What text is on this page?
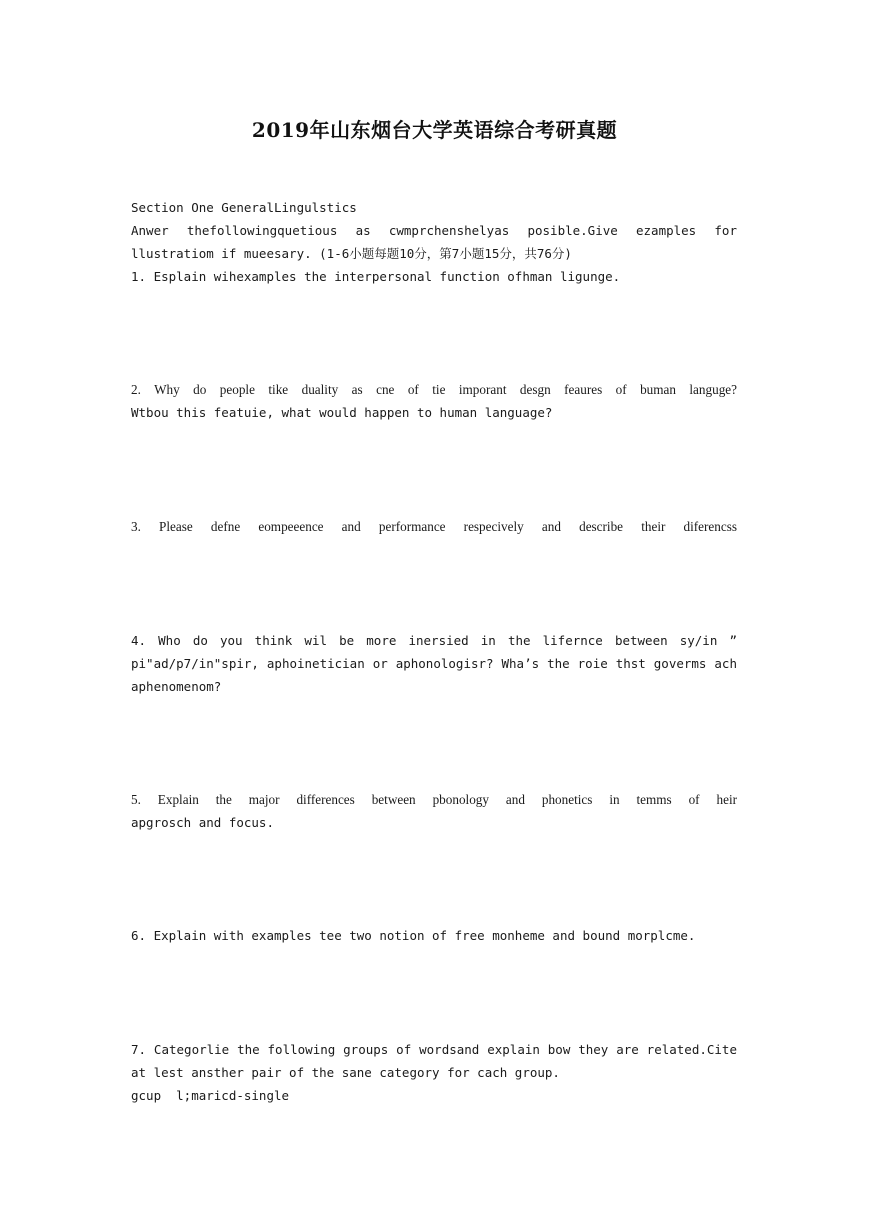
2019年山东烟台大学英语综合考研真题
Section One GeneralLingulstics
Anwer thefollowingquetious as cwmprchenshelyas posible.Give ezamples for
llustratiom if mueesary. (1-6小题每题10分，第7小题15分，共76分)
1. Esplain wihexamples the interpersonal function ofhman ligunge.
2. Why do people tike duality as cne of tie imporant desgn feaures of buman languge?
Wtbou this featuie, what would happen to human language?
3. Please defne eompeeence and performance respecively and describe their diferencss
4. Who do you think wil be more inersied in the lifernce between sy/in ”
pi"ad/p7/in"spir, aphoinetician or aphonologisr? Wha’s the roie thst goverms ach
aphenomenom?
5. Explain the major differences between pbonology and phonetics in temms of heir
apgrosch and focus.
6. Explain with examples tee two notion of free monheme and bound morplcme.
7. Categorlie the following groups of wordsand explain bow they are related.Cite
at lest ansther pair of the sane category for cach group.
gcup  l;maricd-single
